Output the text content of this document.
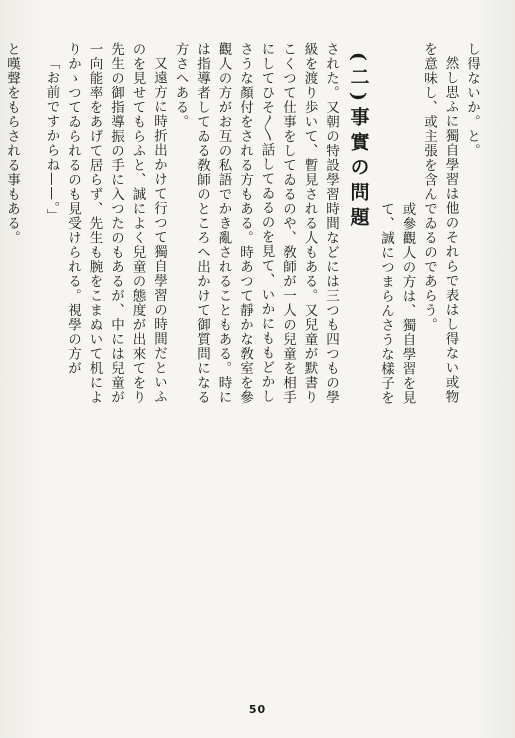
し得ないか。と。
然し思ふに獨自學習は他のそれらで表はし得ない或物
を意味し、或主張を含んでゐるのであらう。
或參觀人の方は、獨自學習を見
て、誠につまらんさうな樣子を
(二)事實の問題
された。又朝の特設學習時間などには三つも四つもの學
級を渡り歩いて、暫見される人もある。又兒童が默書り
こくつて仕事をしてゐるのや、敎師が一人の兒童を相手
にしてひそ〳〵話してゐるのを見て、いかにももどかし
さうな顏付をされる方もある。時あつて靜かな敎室を參
觀人の方がお互の私語でかき亂されることもある。時に
は指導者してゐる敎師のところへ出かけて御質問になる
方さへある。
又遠方に時折出かけて行つて獨自學習の時間だといふ
のを見せてもらふと、誠によく兒童の態度が出來てをり
先生の御指導振の手に入つたのもあるが、中には兒童が
一向能率をあげて居らず、先生も腕をこまぬいて机によ
りかゝつてゐられるのも見受けられる。視學の方が
「お前ですからね——。」
と嘆聲をもらされる事もある。
50
